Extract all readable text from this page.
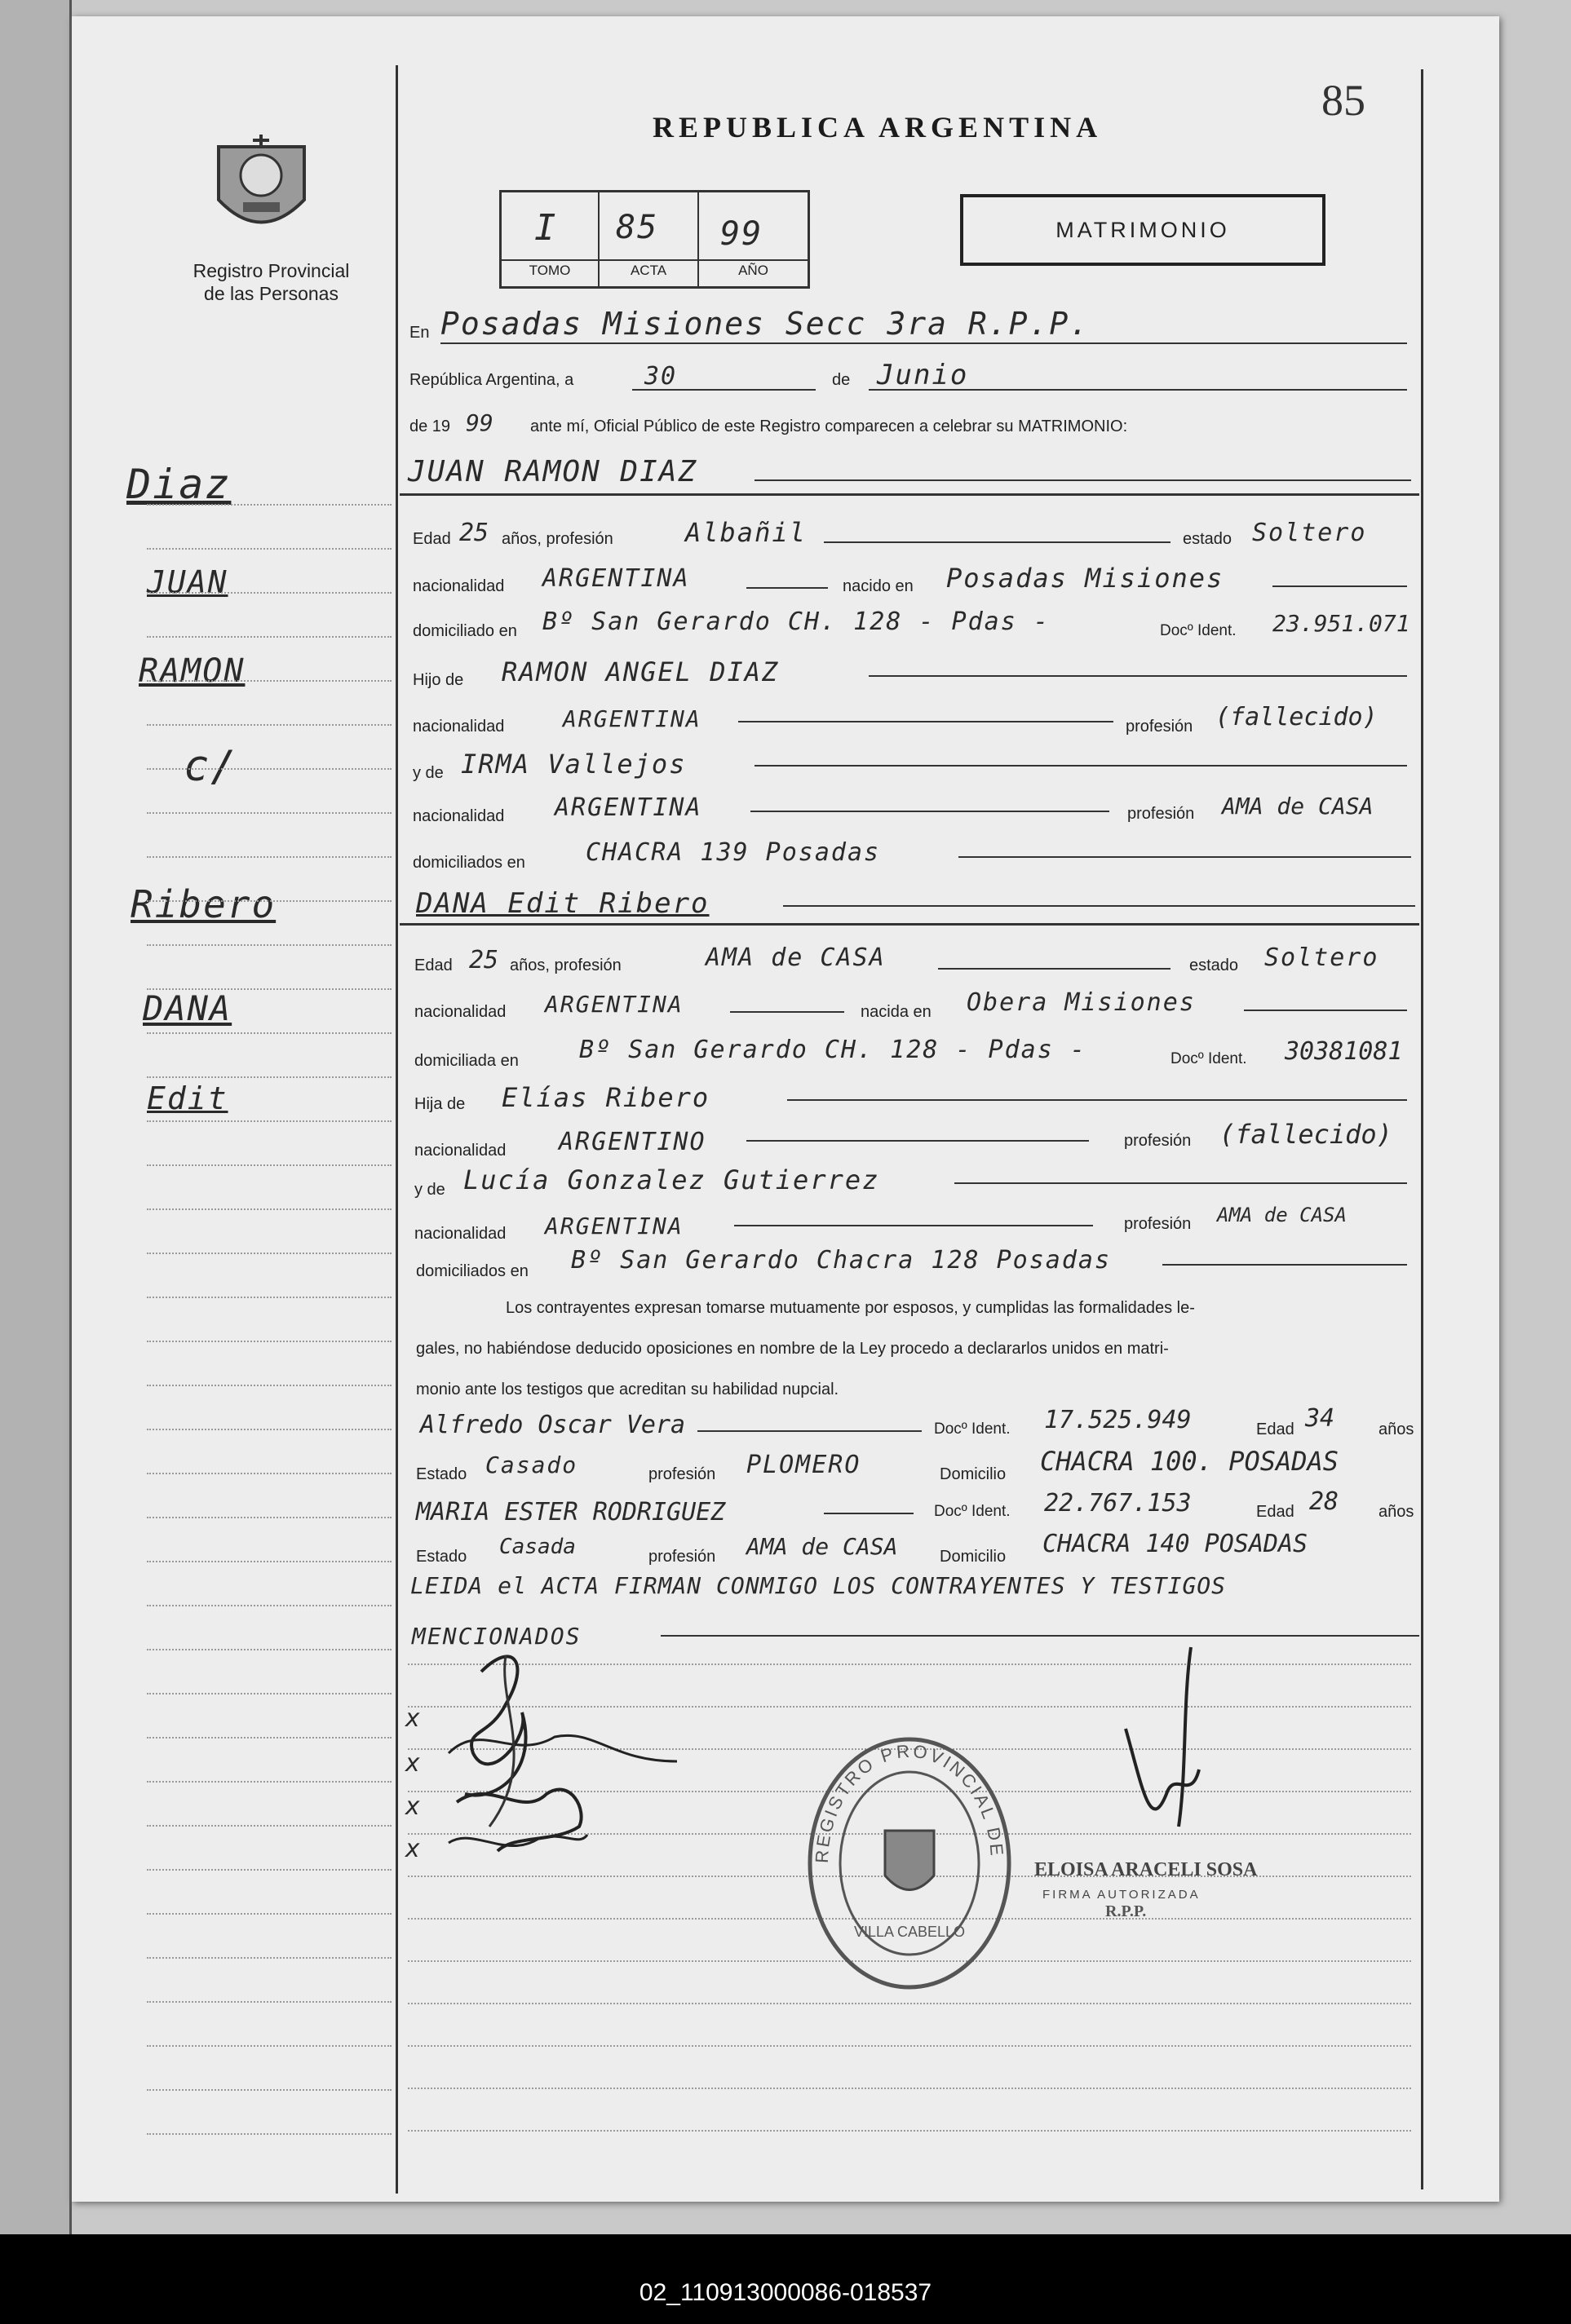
85
REPUBLICA ARGENTINA
Registro Provincial
de las Personas
I 85 99
TOMO	ACTA	AÑO
MATRIMONIO
Diaz
JUAN
RAMON
c/
Ribero
DANA
Edit
En Posadas Misiones Secc 3ra R.P.P.
República Argentina, a	30	de Junio
de 19 99 ante mí, Oficial Público de este Registro comparecen a celebrar su MATRIMONIO:
JUAN RAMON DIAZ
Edad 25 años, profesión	Albañil	estado Soltero
nacionalidad ARGENTINA	nacido en Posadas Misiones
domiciliado en Bº San Gerardo CH. 128 - Pdas -	Docº Ident. 23.951.071
Hijo de RAMON ANGEL DIAZ
nacionalidad	ARGENTINA	profesión (fallecido)
y de IRMA Vallejos
nacionalidad ARGENTINA	profesión AMA de CASA
domiciliados en CHACRA 139 Posadas
DANA Edit Ribero
Edad 25 años, profesión	AMA de CASA	estado Soltero
nacionalidad ARGENTINA	nacida en Obera Misiones
domiciliada en Bº San Gerardo CH. 128 - Pdas -	Docº Ident. 30381081
Hija de Elías Ribero
nacionalidad ARGENTINO	profesión (fallecido)
y de Lucía Gonzalez Gutierrez
nacionalidad ARGENTINA	profesión AMA de CASA
domiciliados en Bº San Gerardo Chacra 128 Posadas
Los contrayentes expresan tomarse mutuamente por esposos, y cumplidas las formalidades le-
gales, no habiéndose deducido oposiciones en nombre de la Ley procedo a declararlos unidos en matri-
monio ante los testigos que acreditan su habilidad nupcial.
Alfredo Oscar Vera	Docº Ident. 17.525.949	Edad 34	años
Estado Casado	profesión PLOMERO	Domicilio CHACRA 100. POSADAS
MARIA ESTER RODRIGUEZ	Docº Ident. 22.767.153	Edad 28 años
Estado Casada	profesión AMA de CASA	Domicilio CHACRA 140 POSADAS
LEIDA el ACTA FIRMAN CONMIGO LOS CONTRAYENTES Y TESTIGOS
MENCIONADOS
x
x
x
x	REGISTRO PROVINCIAL DE
VILLA CABELLO
ELOISA ARACELI SOSA
FIRMA AUTORIZADA
R.P.P.
02_110913000086-018537
